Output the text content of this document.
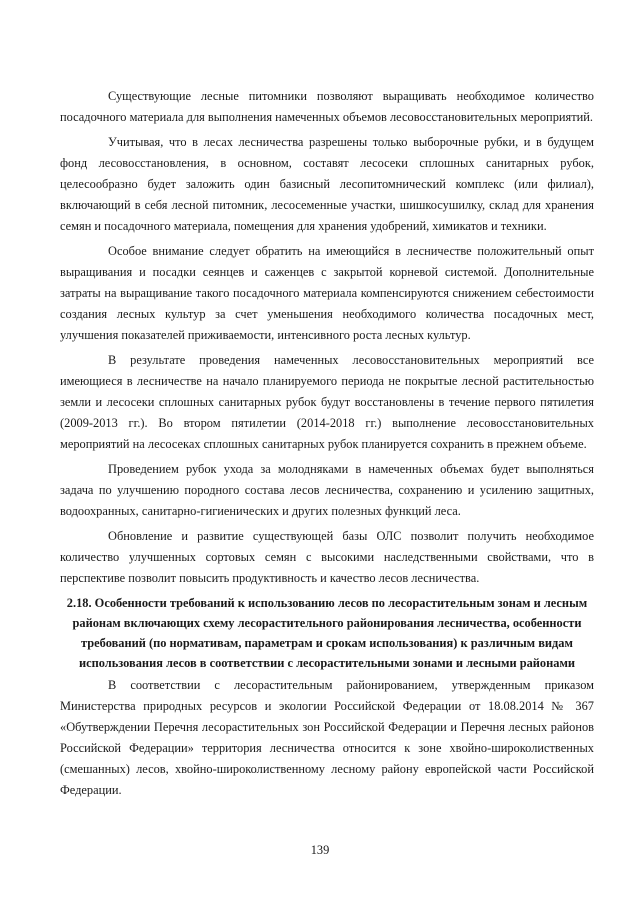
Существующие лесные питомники позволяют выращивать необходимое количество посадочного материала для выполнения намеченных объемов лесовосстановительных мероприятий.

Учитывая, что в лесах лесничества разрешены только выборочные рубки, и в будущем фонд лесовосстановления, в основном, составят лесосеки сплошных санитарных рубок, целесообразно будет заложить один базисный лесопитомнический комплекс (или филиал), включающий в себя лесной питомник, лесосеменные участки, шишкосушилку, склад для хранения семян и посадочного материала, помещения для хранения удобрений, химикатов и техники.

Особое внимание следует обратить на имеющийся в лесничестве положительный опыт выращивания и посадки сеянцев и саженцев с закрытой корневой системой. Дополнительные затраты на выращивание такого посадочного материала компенсируются снижением себестоимости создания лесных культур за счет уменьшения необходимого количества посадочных мест, улучшения показателей приживаемости, интенсивного роста лесных культур.

В результате проведения намеченных лесовосстановительных мероприятий все имеющиеся в лесничестве на начало планируемого периода не покрытые лесной растительностью земли и лесосеки сплошных санитарных рубок будут восстановлены в течение первого пятилетия (2009-2013 гг.). Во втором пятилетии (2014-2018 гг.) выполнение лесовосстановительных мероприятий на лесосеках сплошных санитарных рубок планируется сохранить в прежнем объеме.

Проведением рубок ухода за молодняками в намеченных объемах будет выполняться задача по улучшению породного состава лесов лесничества, сохранению и усилению защитных, водоохранных, санитарно-гигиенических и других полезных функций леса.

Обновление и развитие существующей базы ОЛС позволит получить необходимое количество улучшенных сортовых семян с высокими наследственными свойствами, что в перспективе позволит повысить продуктивность и качество лесов лесничества.

2.18. Особенности требований к использованию лесов по лесорастительным зонам и лесным районам включающих схему лесорастительного районирования лесничества, особенности требований (по нормативам, параметрам и срокам использования) к различным видам использования лесов в соответствии с лесорастительными зонами и лесными районами

В соответствии с лесорастительным районированием, утвержденным приказом Министерства природных ресурсов и экологии Российской Федерации от 18.08.2014 № 367 «Обутверждении Перечня лесорастительных зон Российской Федерации и Перечня лесных районов Российской Федерации» территория лесничества относится к зоне хвойно-широколиственных (смешанных) лесов, хвойно-широколиственному лесному району европейской части Российской Федерации.

139
